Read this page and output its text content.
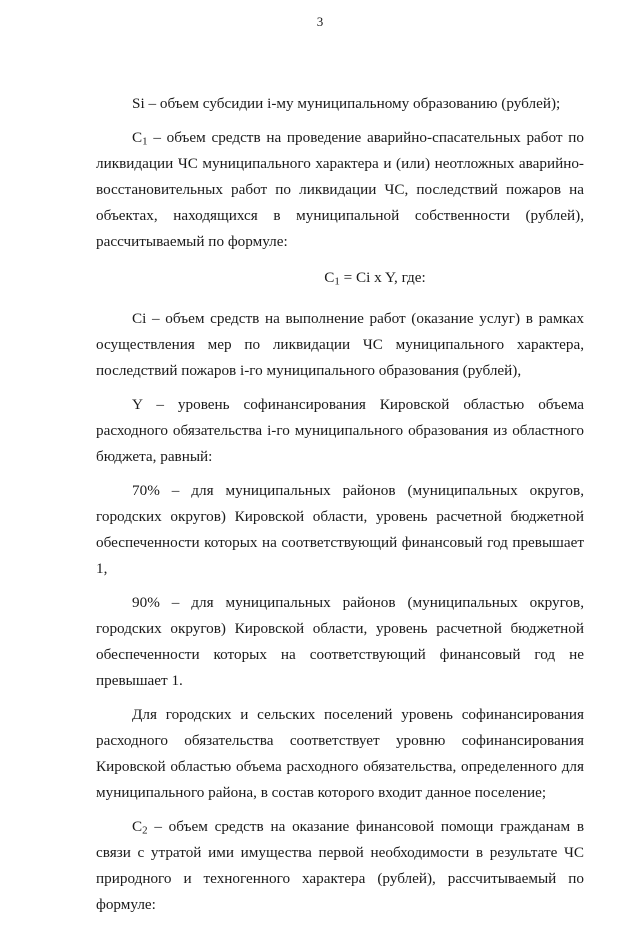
3

Si – объем субсидии i-му муниципальному образованию (рублей);

$C_1$ – объем средств на проведение аварийно-спасательных работ по ликвидации ЧС муниципального характера и (или) неотложных аварийно-восстановительных работ по ликвидации ЧС, последствий пожаров на объектах, находящихся в муниципальной собственности (рублей), рассчитываемый по формуле:

$C_1 = Ci$ x Y, где:

Ci – объем средств на выполнение работ (оказание услуг) в рамках осуществления мер по ликвидации ЧС муниципального характера, последствий пожаров i-го муниципального образования (рублей),

Y – уровень софинансирования Кировской областью объема расходного обязательства i-го муниципального образования из областного бюджета, равный:

70% – для муниципальных районов (муниципальных округов, городских округов) Кировской области, уровень расчетной бюджетной обеспеченности которых на соответствующий финансовый год превышает 1,

90% – для муниципальных районов (муниципальных округов, городских округов) Кировской области, уровень расчетной бюджетной обеспеченности которых на соответствующий финансовый год не превышает 1.

Для городских и сельских поселений уровень софинансирования расходного обязательства соответствует уровню софинансирования Кировской областью объема расходного обязательства, определенного для муниципального района, в состав которого входит данное поселение;

$C_2$ – объем средств на оказание финансовой помощи гражданам в связи с утратой ими имущества первой необходимости в результате ЧС природного и техногенного характера (рублей), рассчитываемый по формуле:
